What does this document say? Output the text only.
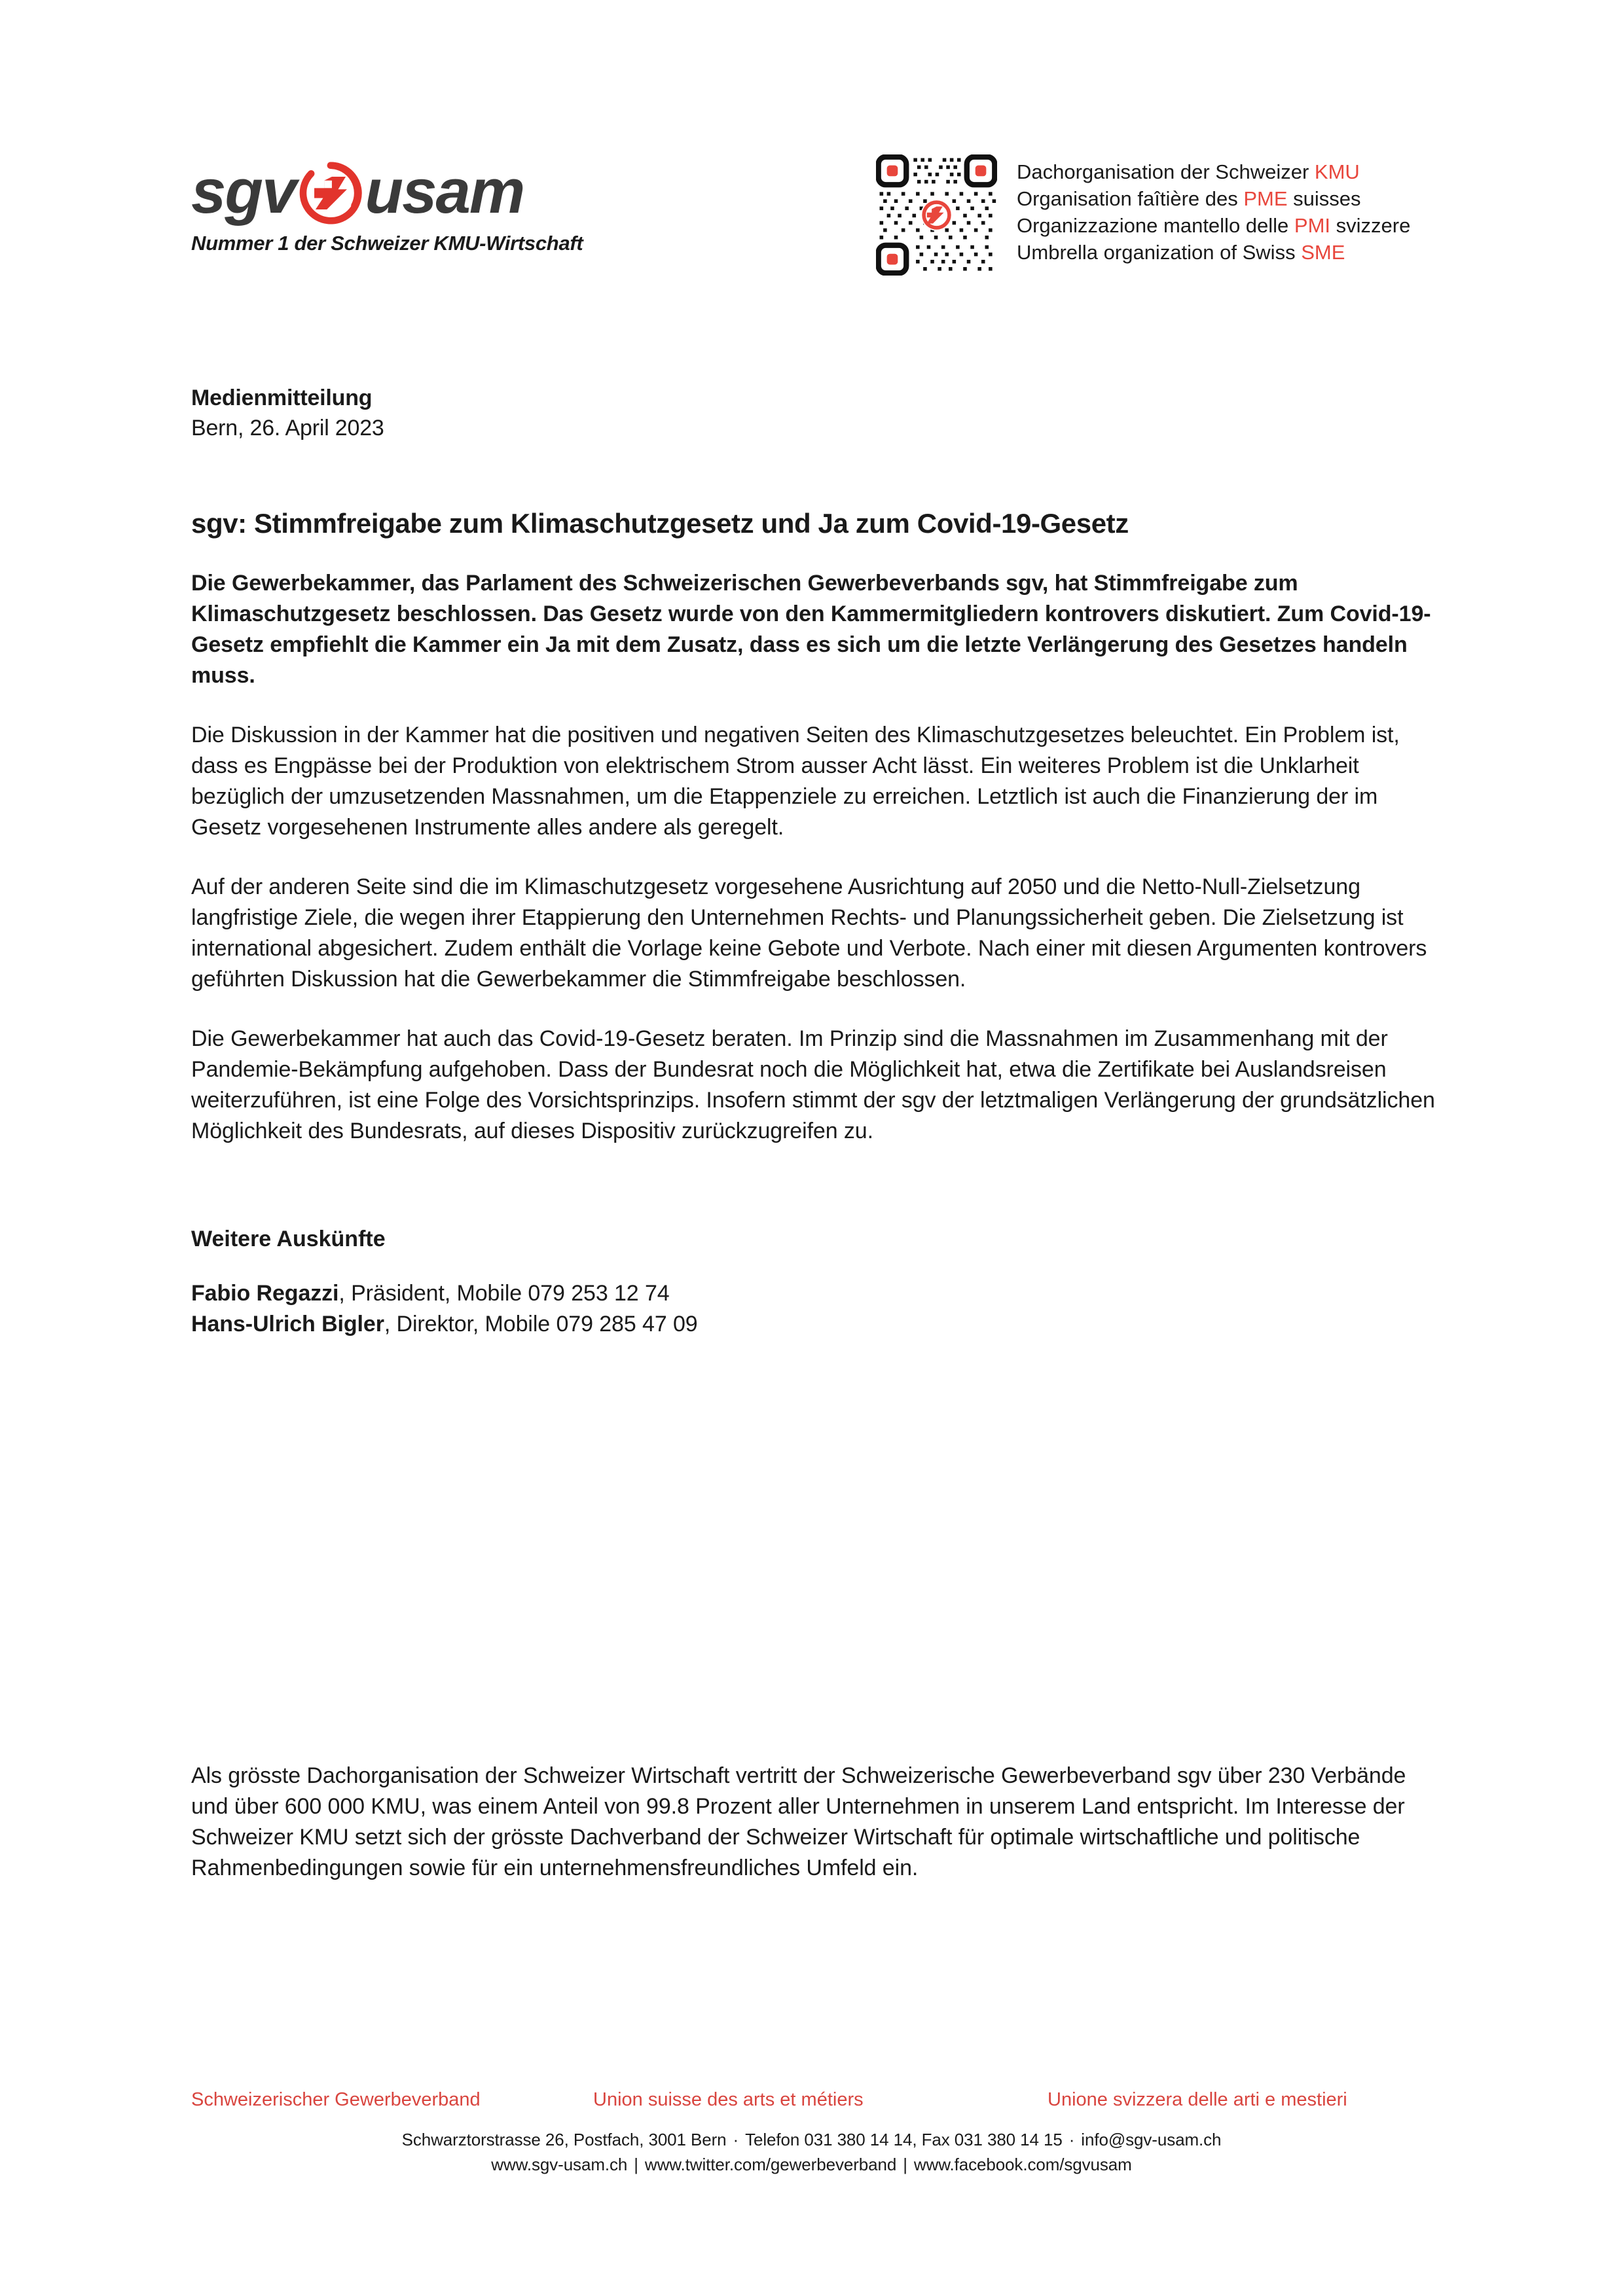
sgv usam
Nummer 1 der Schweizer KMU-Wirtschaft
Dachorganisation der Schweizer KMU
Organisation faîtière des PME suisses
Organizzazione mantello delle PMI svizzere
Umbrella organization of Swiss SME
Medienmitteilung
Bern, 26. April 2023
sgv: Stimmfreigabe zum Klimaschutzgesetz und Ja zum Covid-19-Gesetz
Die Gewerbekammer, das Parlament des Schweizerischen Gewerbeverbands sgv, hat Stimmfreigabe zum Klimaschutzgesetz beschlossen. Das Gesetz wurde von den Kammermitgliedern kontrovers diskutiert. Zum Covid-19-Gesetz empfiehlt die Kammer ein Ja mit dem Zusatz, dass es sich um die letzte Verlängerung des Gesetzes handeln muss.

Die Diskussion in der Kammer hat die positiven und negativen Seiten des Klimaschutzgesetzes beleuchtet. Ein Problem ist, dass es Engpässe bei der Produktion von elektrischem Strom ausser Acht lässt. Ein weiteres Problem ist die Unklarheit bezüglich der umzusetzenden Massnahmen, um die Etappenziele zu erreichen. Letztlich ist auch die Finanzierung der im Gesetz vorgesehenen Instrumente alles andere als geregelt.

Auf der anderen Seite sind die im Klimaschutzgesetz vorgesehene Ausrichtung auf 2050 und die Netto-Null-Zielsetzung langfristige Ziele, die wegen ihrer Etappierung den Unternehmen Rechts- und Planungssicherheit geben. Die Zielsetzung ist international abgesichert. Zudem enthält die Vorlage keine Gebote und Verbote. Nach einer mit diesen Argumenten kontrovers geführten Diskussion hat die Gewerbekammer die Stimmfreigabe beschlossen.

Die Gewerbekammer hat auch das Covid-19-Gesetz beraten. Im Prinzip sind die Massnahmen im Zusammenhang mit der Pandemie-Bekämpfung aufgehoben. Dass der Bundesrat noch die Möglichkeit hat, etwa die Zertifikate bei Auslandsreisen weiterzuführen, ist eine Folge des Vorsichtsprinzips. Insofern stimmt der sgv der letztmaligen Verlängerung der grundsätzlichen Möglichkeit des Bundesrats, auf dieses Dispositiv zurückzugreifen zu.

Weitere Auskünfte
Fabio Regazzi, Präsident, Mobile 079 253 12 74
Hans-Ulrich Bigler, Direktor, Mobile 079 285 47 09
Als grösste Dachorganisation der Schweizer Wirtschaft vertritt der Schweizerische Gewerbeverband sgv über 230 Verbände und über 600 000 KMU, was einem Anteil von 99.8 Prozent aller Unternehmen in unserem Land entspricht. Im Interesse der Schweizer KMU setzt sich der grösste Dachverband der Schweizer Wirtschaft für optimale wirtschaftliche und politische Rahmenbedingungen sowie für ein unternehmensfreundliches Umfeld ein.
Schweizerischer Gewerbeverband	Union suisse des arts et métiers	Unione svizzera delle arti e mestieri
Schwarztorstrasse 26, Postfach, 3001 Bern · Telefon 031 380 14 14, Fax 031 380 14 15 · info@sgv-usam.ch
www.sgv-usam.ch | www.twitter.com/gewerbeverband | www.facebook.com/sgvusam
